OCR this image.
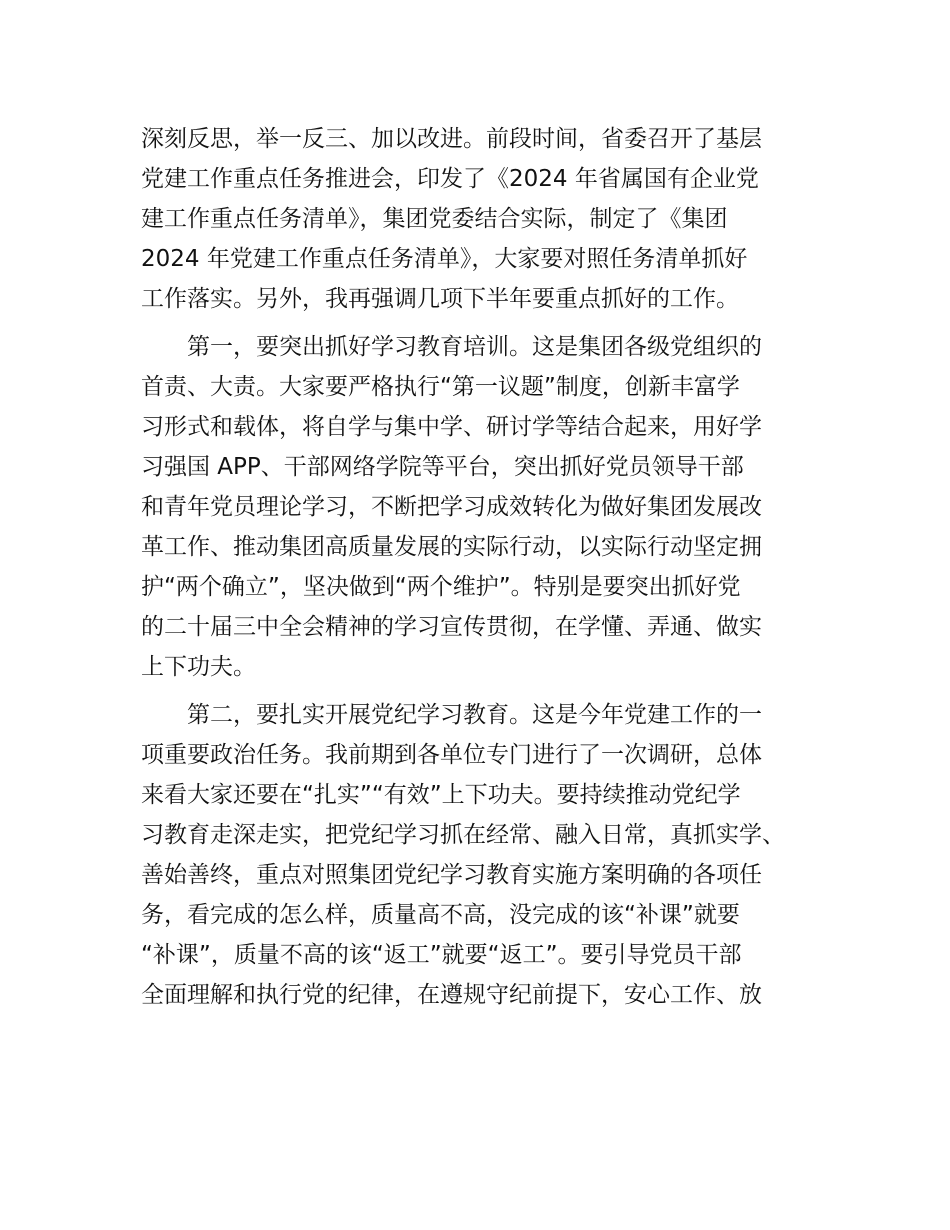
深刻反思，举一反三、加以改进。前段时间，省委召开了基层
党建工作重点任务推进会，印发了《2024 年省属国有企业党
建工作重点任务清单》，集团党委结合实际，制定了《集团
2024 年党建工作重点任务清单》，大家要对照任务清单抓好
工作落实。另外，我再强调几项下半年要重点抓好的工作。
第一，要突出抓好学习教育培训。这是集团各级党组织的
首责、大责。大家要严格执行“第一议题”制度，创新丰富学
习形式和载体，将自学与集中学、研讨学等结合起来，用好学
习强国 APP、干部网络学院等平台，突出抓好党员领导干部
和青年党员理论学习，不断把学习成效转化为做好集团发展改
革工作、推动集团高质量发展的实际行动，以实际行动坚定拥
护“两个确立”，坚决做到“两个维护”。特别是要突出抓好党
的二十届三中全会精神的学习宣传贯彻，在学懂、弄通、做实
上下功夫。
第二，要扎实开展党纪学习教育。这是今年党建工作的一
项重要政治任务。我前期到各单位专门进行了一次调研，总体
来看大家还要在“扎实”“有效”上下功夫。要持续推动党纪学
习教育走深走实，把党纪学习抓在经常、融入日常，真抓实学、
善始善终，重点对照集团党纪学习教育实施方案明确的各项任
务，看完成的怎么样，质量高不高，没完成的该“补课”就要
“补课”，质量不高的该“返工”就要“返工”。要引导党员干部
全面理解和执行党的纪律，在遵规守纪前提下，安心工作、放
